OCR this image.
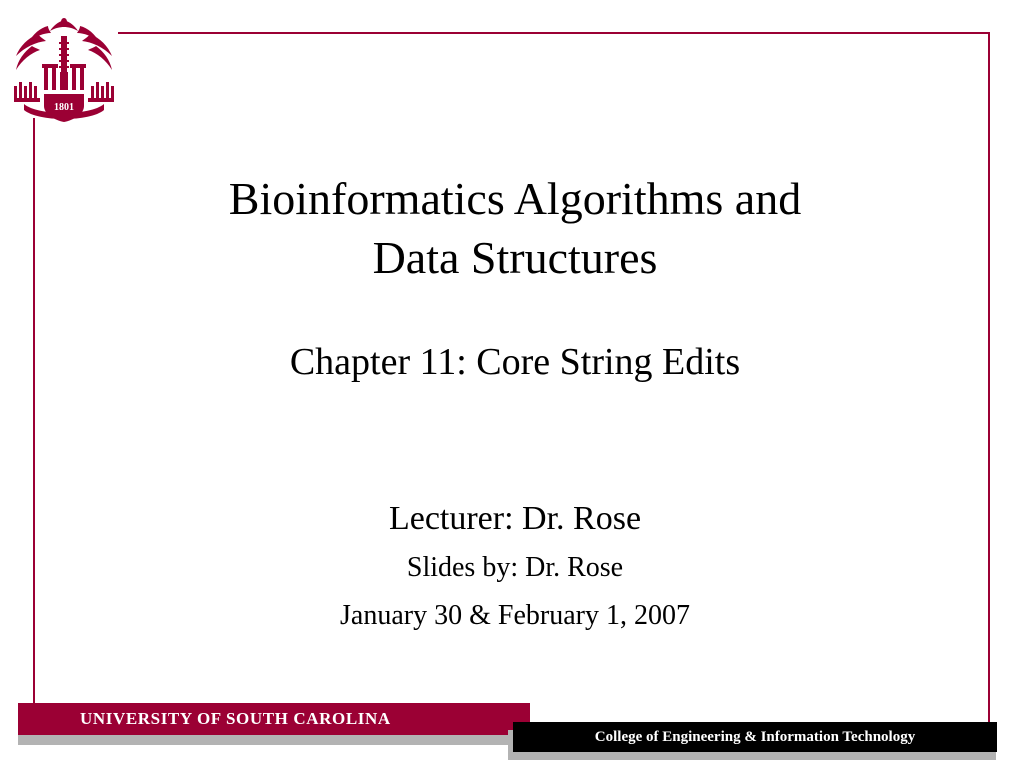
1801
Bioinformatics Algorithms and
Data Structures
Chapter 11: Core String Edits
Lecturer: Dr. Rose
Slides by: Dr. Rose
January 30 & February 1, 2007
UNIVERSITY OF SOUTH CAROLINA
College of Engineering & Information Technology
